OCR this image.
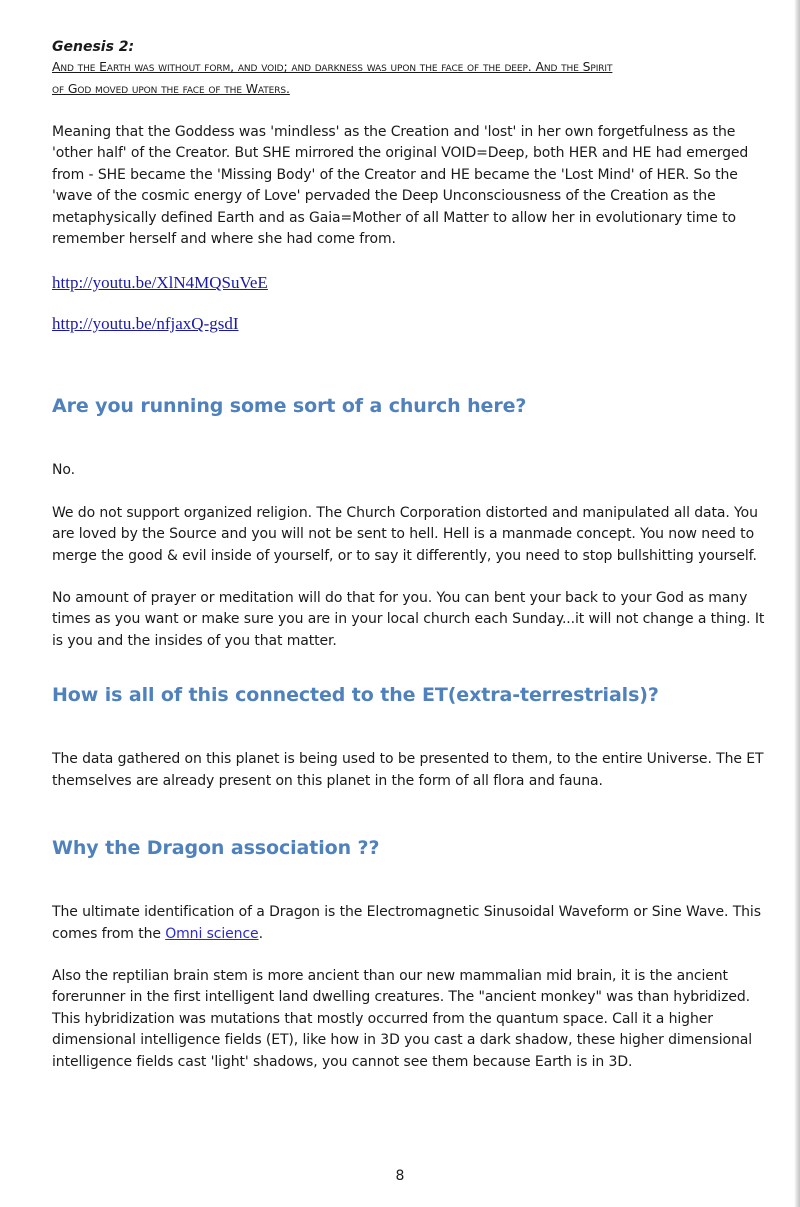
Genesis 2:

And the Earth was without form, and void; and darkness was upon the face of the deep. And the Spirit

of God moved upon the face of the Waters.

Meaning that the Goddess was 'mindless' as the Creation and 'lost' in her own forgetfulness as the 'other half' of the Creator. But SHE mirrored the original VOID=Deep, both HER and HE had emerged from - SHE became the 'Missing Body' of the Creator and HE became the 'Lost Mind' of HER. So the 'wave of the cosmic energy of Love' pervaded the Deep Unconsciousness of the Creation as the metaphysically defined Earth and as Gaia=Mother of all Matter to allow her in evolutionary time to remember herself and where she had come from.

http://youtu.be/XlN4MQSuVeE
http://youtu.be/nfjaxQ-gsdI
Are you running some sort of a church here?

No.

We do not support organized religion. The Church Corporation distorted and manipulated all data. You are loved by the Source and you will not be sent to hell. Hell is a manmade concept. You now need to merge the good & evil inside of yourself, or to say it differently, you need to stop bullshitting yourself.

No amount of prayer or meditation will do that for you. You can bent your back to your God as many times as you want or make sure you are in your local church each Sunday...it will not change a thing. It is you and the insides of you that matter.

How is all of this connected to the ET(extra-terrestrials)?

The data gathered on this planet is being used to be presented to them, to the entire Universe. The ET themselves are already present on this planet in the form of all flora and fauna.

Why the Dragon association ??

The ultimate identification of a Dragon is the Electromagnetic Sinusoidal Waveform or Sine Wave. This comes from the Omni science.

Also the reptilian brain stem is more ancient than our new mammalian mid brain, it is the ancient forerunner in the first intelligent land dwelling creatures. The "ancient monkey" was than hybridized. This hybridization was mutations that mostly occurred from the quantum space. Call it a higher dimensional intelligence fields (ET), like how in 3D you cast a dark shadow, these higher dimensional intelligence fields cast 'light' shadows, you cannot see them because Earth is in 3D.

8
